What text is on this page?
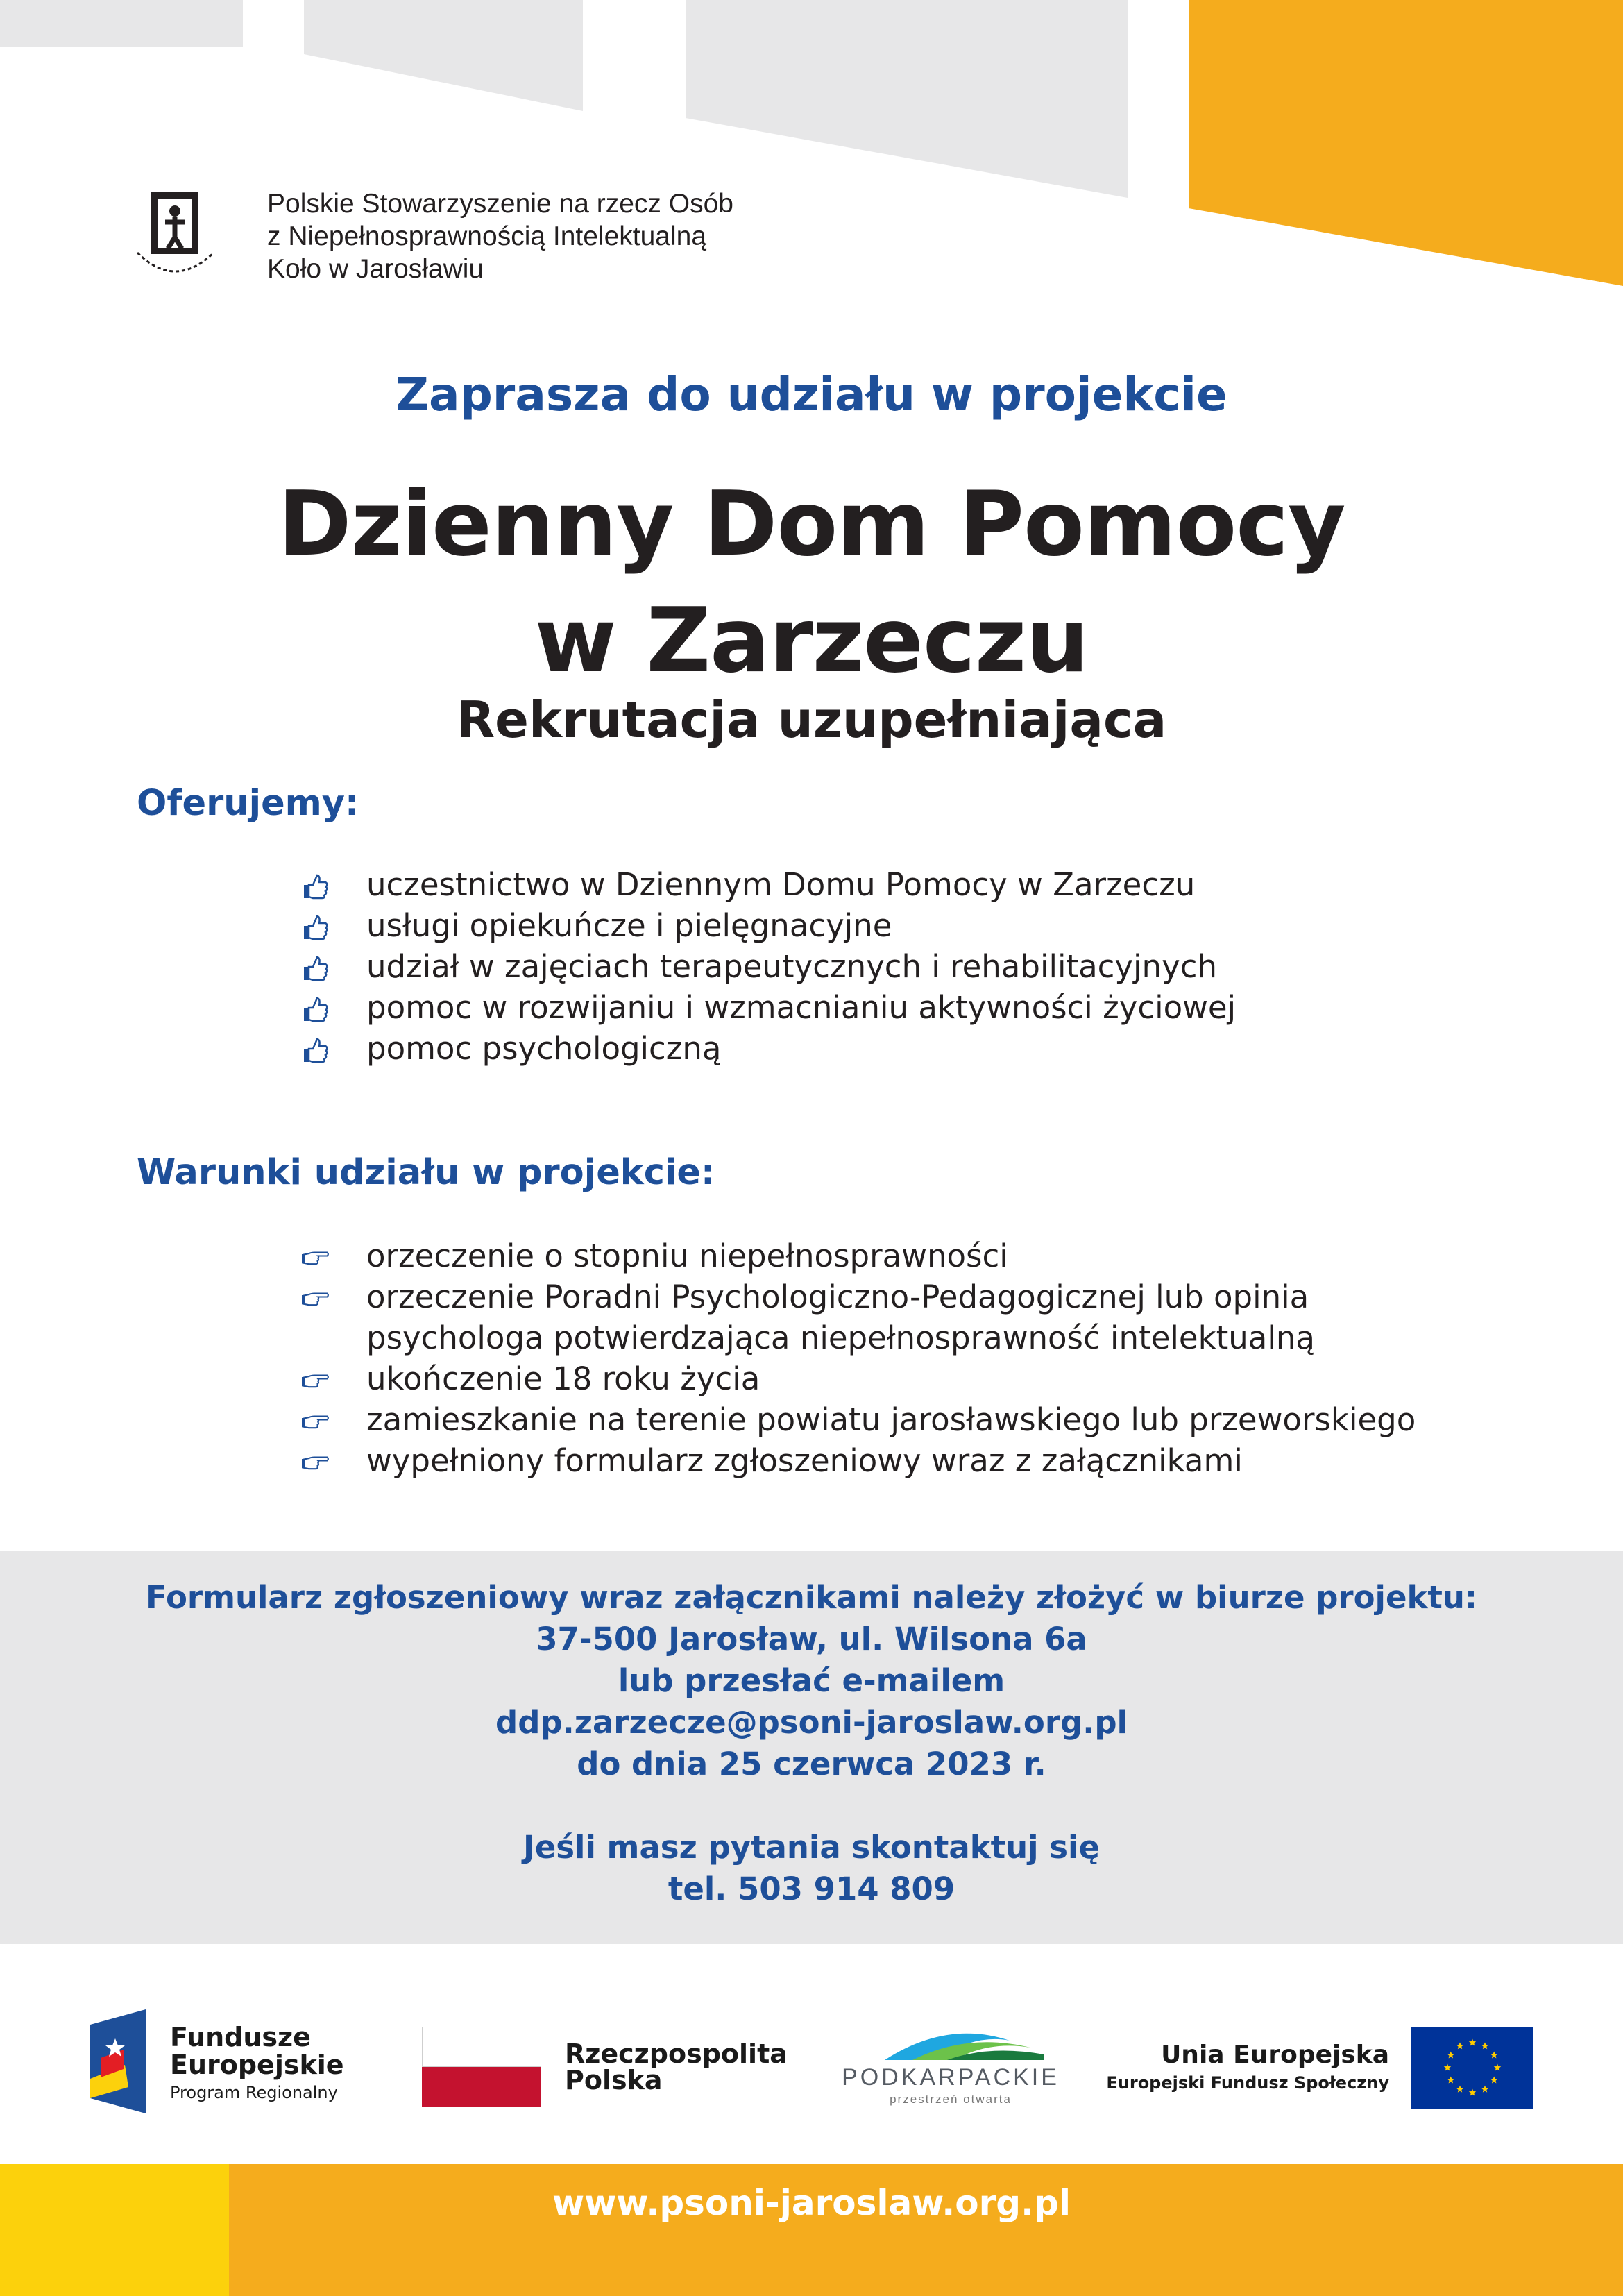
Polskie Stowarzyszenie na rzecz Osób
z Niepełnosprawnością Intelektualną
Koło w Jarosławiu
Zaprasza do udziału w projekcie
Dzienny Dom Pomocy
w Zarzeczu
Rekrutacja uzupełniająca
Oferujemy:
uczestnictwo w Dziennym Domu Pomocy w Zarzeczu
usługi opiekuńcze i pielęgnacyjne
udział w zajęciach terapeutycznych i rehabilitacyjnych
pomoc w rozwijaniu i wzmacnianiu aktywności życiowej
pomoc psychologiczną
Warunki udziału w projekcie:
orzeczenie o stopniu niepełnosprawności
orzeczenie Poradni Psychologiczno-Pedagogicznej lub opinia
psychologa potwierdzająca niepełnosprawność intelektualną
ukończenie 18 roku życia
zamieszkanie na terenie powiatu jarosławskiego lub przeworskiego
wypełniony formularz zgłoszeniowy wraz z załącznikami
Formularz zgłoszeniowy wraz załącznikami należy złożyć w biurze projektu:
37-500 Jarosław, ul. Wilsona 6a
lub przesłać e-mailem
ddp.zarzecze@psoni-jaroslaw.org.pl
do dnia 25 czerwca 2023 r.
Jeśli masz pytania skontaktuj się
tel. 503 914 809
Fundusze
Europejskie
Program Regionalny
Rzeczpospolita
Polska	PODKARPACKIE
przestrzeń otwarta
Unia Europejska
Europejski Fundusz Społeczny
www.psoni-jaroslaw.org.pl
